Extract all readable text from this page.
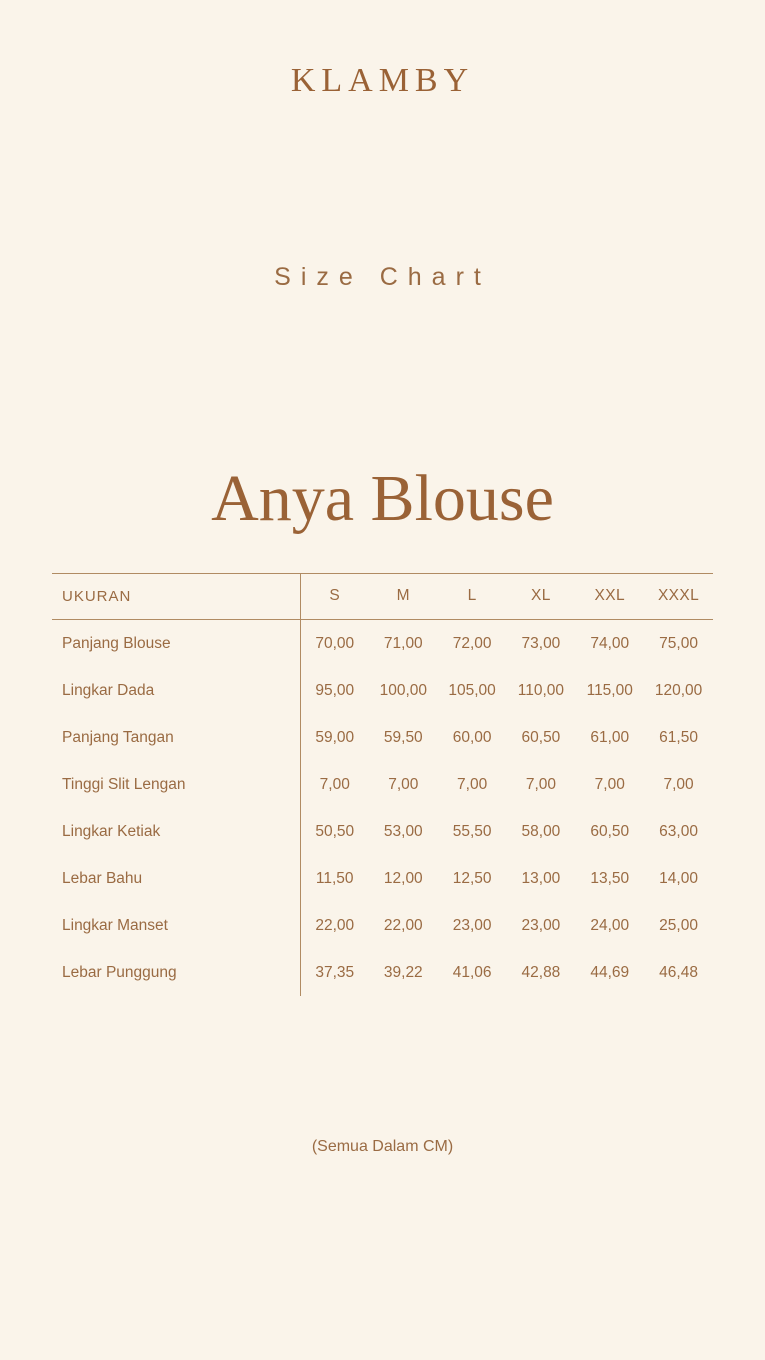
KLAMBY
Size Chart
Anya Blouse
UKURAN	S	M	L	XL	XXL	XXXL
Panjang Blouse	70,00	71,00	72,00	73,00	74,00	75,00
Lingkar Dada	95,00	100,00	105,00	110,00	115,00	120,00
Panjang Tangan	59,00	59,50	60,00	60,50	61,00	61,50
Tinggi Slit Lengan	7,00	7,00	7,00	7,00	7,00	7,00
Lingkar Ketiak	50,50	53,00	55,50	58,00	60,50	63,00
Lebar Bahu	11,50	12,00	12,50	13,00	13,50	14,00
Lingkar Manset	22,00	22,00	23,00	23,00	24,00	25,00
Lebar Punggung	37,35	39,22	41,06	42,88	44,69	46,48
(Semua Dalam CM)
